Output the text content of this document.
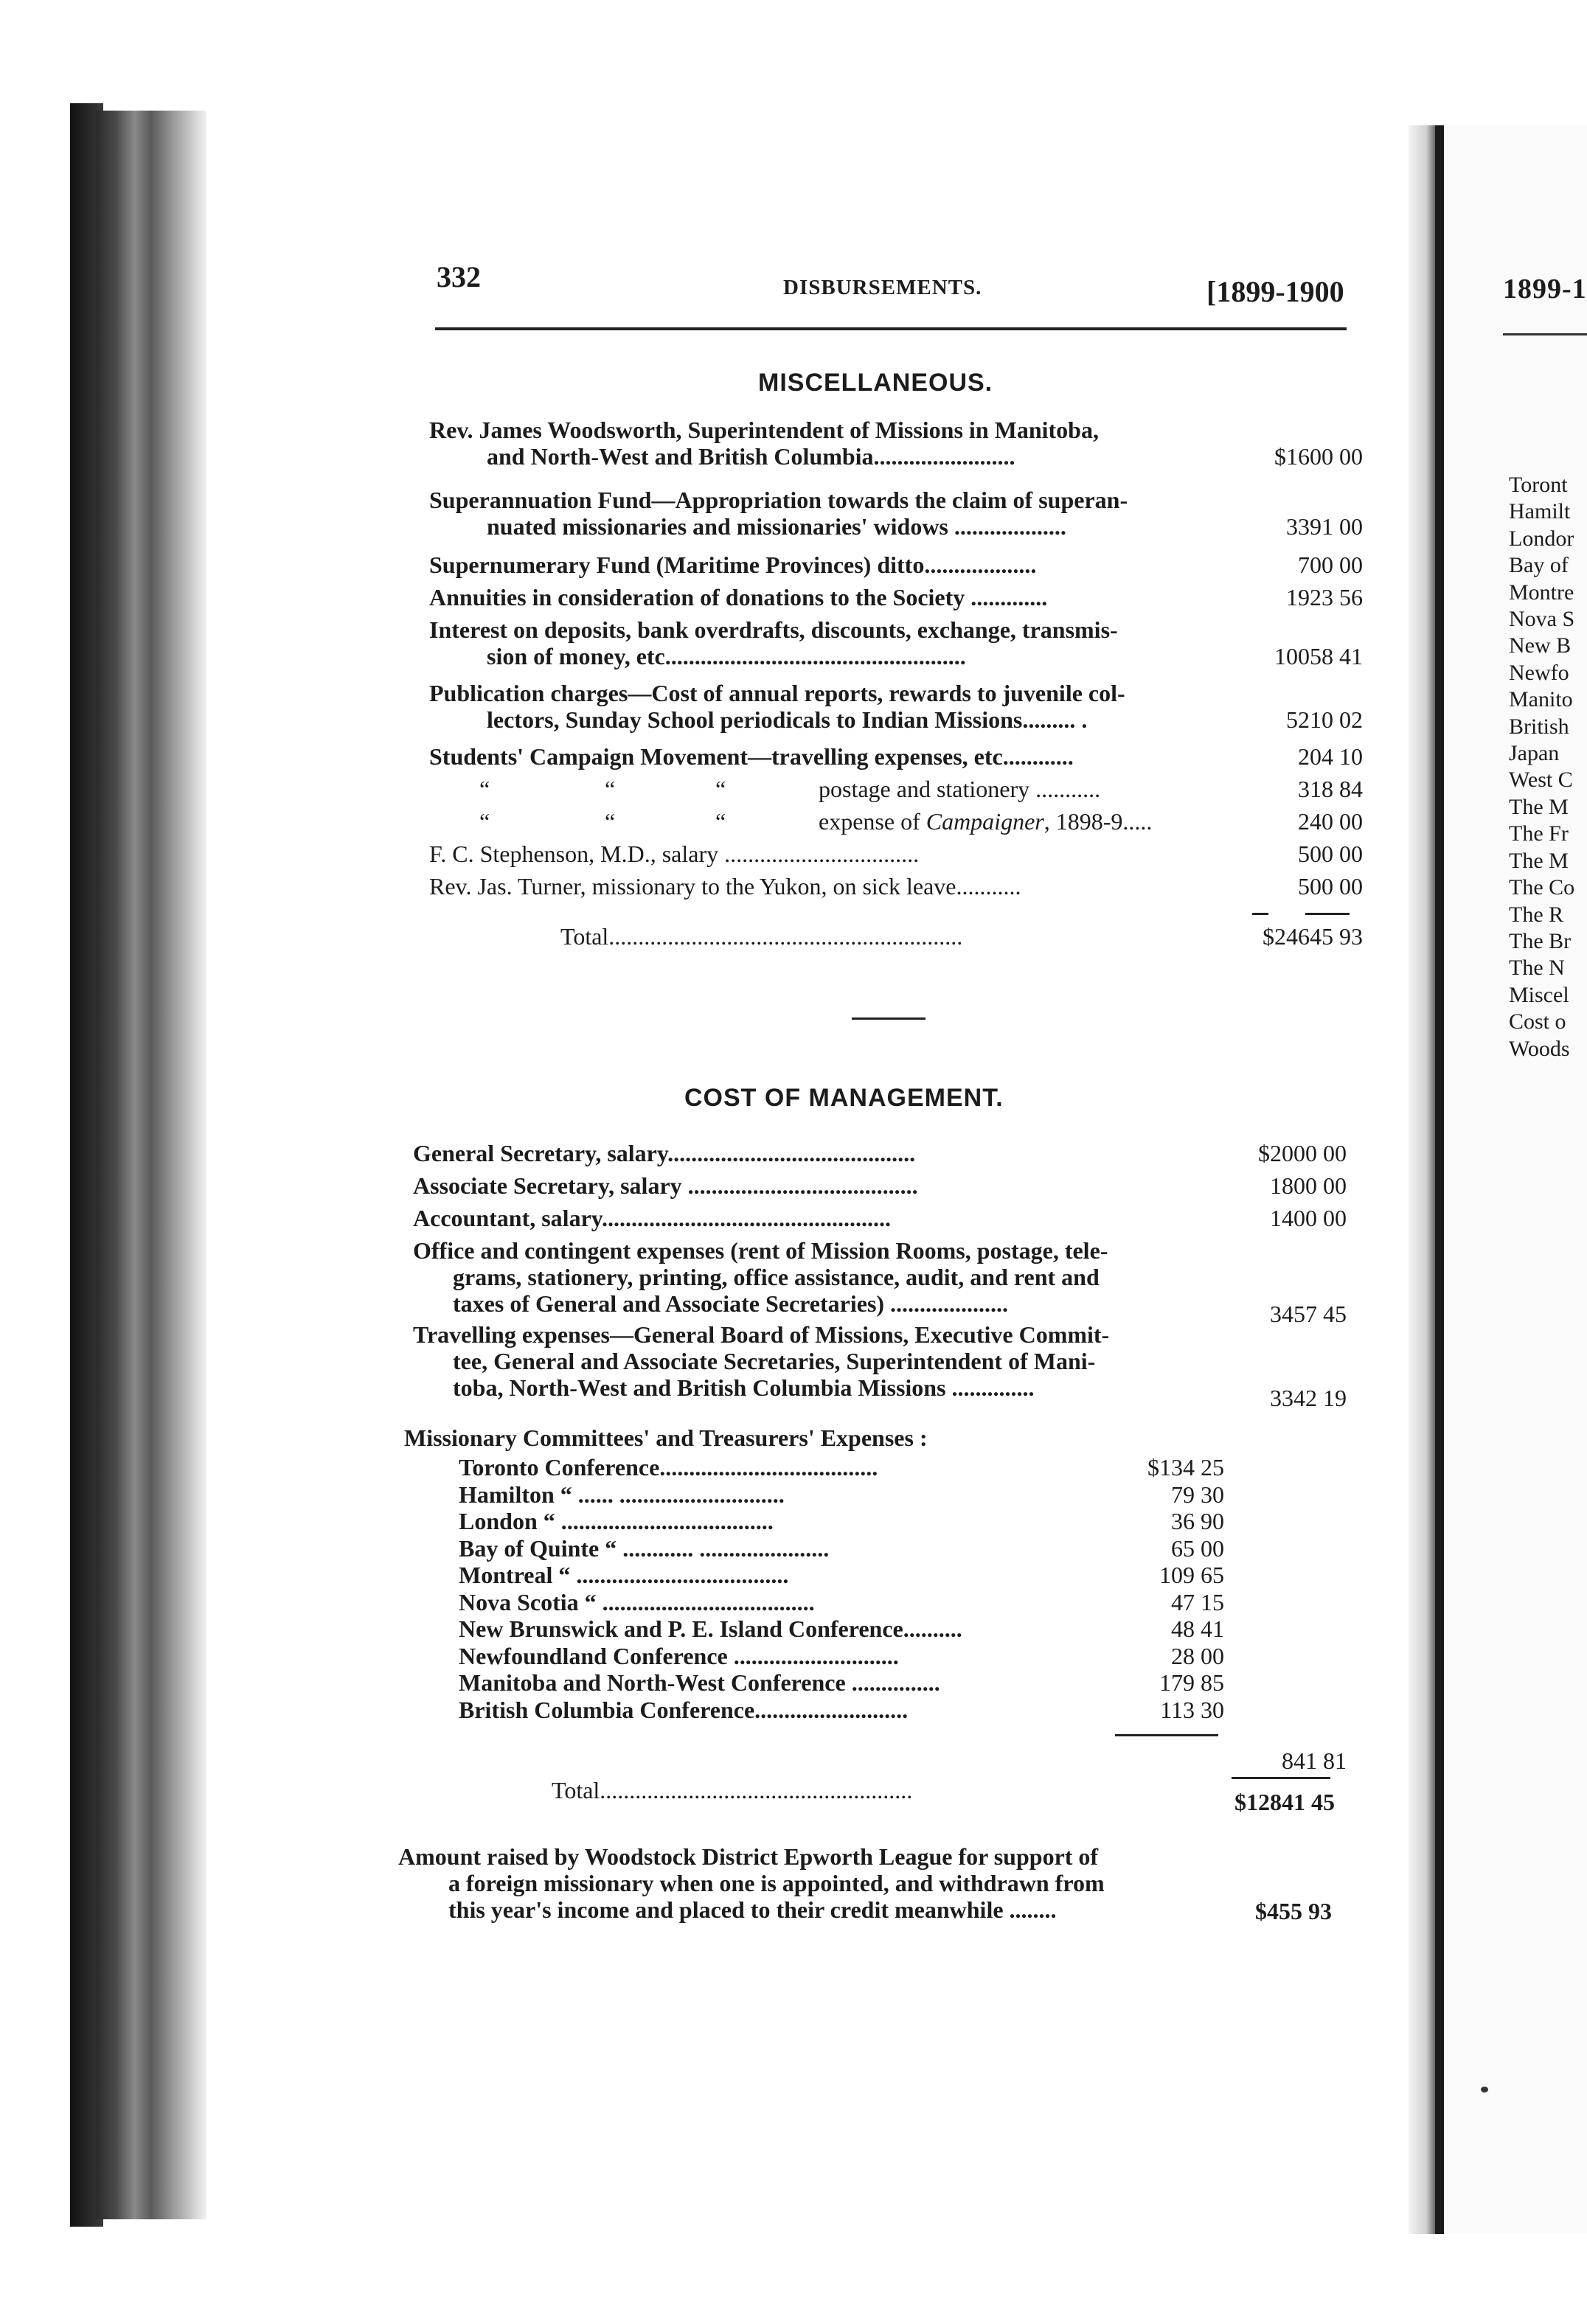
1899-1
Toront
Hamilt
Londor
Bay of
Montre
Nova S
New B
Newfo
Manito
British
Japan
West C
The M
The Fr
The M
The Co
The R
The Br
The N
Miscel
Cost o
Woods
332	DISBURSEMENTS.	[1899-1900
MISCELLANEOUS.
Rev. James Woodsworth, Superintendent of Missions in Manitoba,
and North-West and British Columbia........................	$1600 00
Superannuation Fund—Appropriation towards the claim of superan-
nuated missionaries and missionaries' widows ...................	3391 00
Supernumerary Fund (Maritime Provinces) ditto...................	700 00
Annuities in consideration of donations to the Society .............	1923 56
Interest on deposits, bank overdrafts, discounts, exchange, transmis-
sion of money, etc...................................................	10058 41
Publication charges—Cost of annual reports, rewards to juvenile col-
lectors, Sunday School periodicals to Indian Missions......... .	5210 02
Students' Campaign Movement—travelling expenses, etc............	204 10
“	“	“	postage and stationery ...........	318 84
“	“	“	expense of Campaigner, 1898-9.....	240 00
F. C. Stephenson, M.D., salary .................................	500 00
Rev. Jas. Turner, missionary to the Yukon, on sick leave...........	500 00
Total............................................................	$24645 93
COST OF MANAGEMENT.
General Secretary, salary..........................................	$2000 00
Associate Secretary, salary .......................................	1800 00
Accountant, salary.................................................	1400 00
Office and contingent expenses (rent of Mission Rooms, postage, tele-
grams, stationery, printing, office assistance, audit, and rent and
taxes of General and Associate Secretaries) ....................	3457 45
Travelling expenses—General Board of Missions, Executive Commit-
tee, General and Associate Secretaries, Superintendent of Mani-
toba, North-West and British Columbia Missions ..............	3342 19
Missionary Committees' and Treasurers' Expenses :
Toronto Conference.....................................	$134 25
Hamilton “ ...... ............................	79 30
London “ ....................................	36 90
Bay of Quinte “ ............ ......................	65 00
Montreal “ ....................................	109 65
Nova Scotia “ ....................................	47 15
New Brunswick and P. E. Island Conference..........	48 41
Newfoundland Conference ............................	28 00
Manitoba and North-West Conference ...............	179 85
British Columbia Conference..........................	113 30
841 81
Total.....................................................	$12841 45
Amount raised by Woodstock District Epworth League for support of
a foreign missionary when one is appointed, and withdrawn from
this year's income and placed to their credit meanwhile ........	$455 93
